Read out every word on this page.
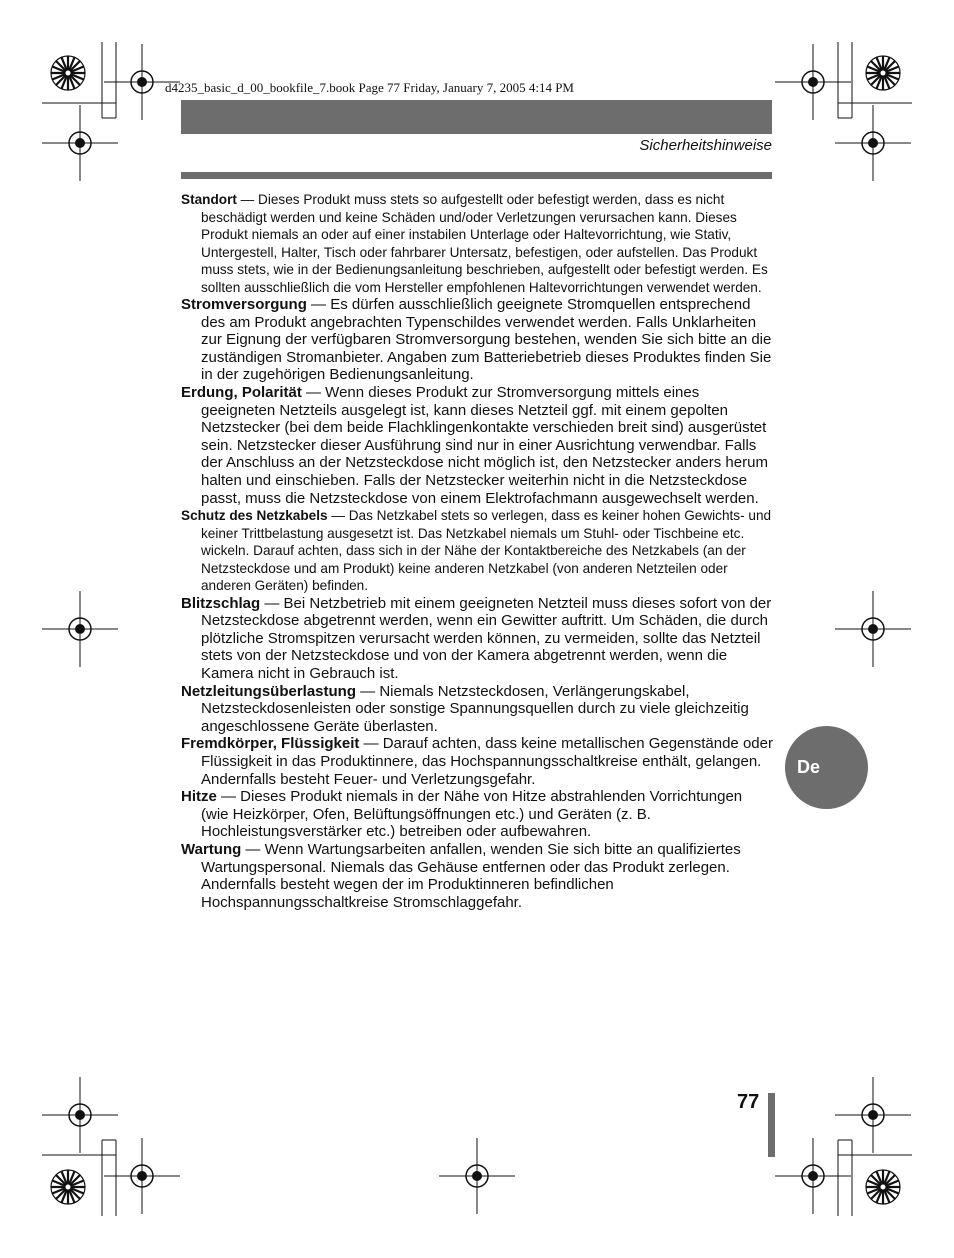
d4235_basic_d_00_bookfile_7.book Page 77 Friday, January 7, 2005 4:14 PM
Sicherheitshinweise

Standort — Dieses Produkt muss stets so aufgestellt oder befestigt werden, dass es nicht beschädigt werden und keine Schäden und/oder Verletzungen verursachen kann. Dieses Produkt niemals an oder auf einer instabilen Unterlage oder Haltevorrichtung, wie Stativ, Untergestell, Halter, Tisch oder fahrbarer Untersatz, befestigen, oder aufstellen. Das Produkt muss stets, wie in der Bedienungsanleitung beschrieben, aufgestellt oder befestigt werden. Es sollten ausschließlich die vom Hersteller empfohlenen Haltevorrichtungen verwendet werden.

Stromversorgung — Es dürfen ausschließlich geeignete Stromquellen entsprechend des am Produkt angebrachten Typenschildes verwendet werden. Falls Unklarheiten zur Eignung der verfügbaren Stromversorgung bestehen, wenden Sie sich bitte an die zuständigen Stromanbieter. Angaben zum Batteriebetrieb dieses Produktes finden Sie in der zugehörigen Bedienungsanleitung.

Erdung, Polarität — Wenn dieses Produkt zur Stromversorgung mittels eines geeigneten Netzteils ausgelegt ist, kann dieses Netzteil ggf. mit einem gepolten Netzstecker (bei dem beide Flachklingenkontakte verschieden breit sind) ausgerüstet sein. Netzstecker dieser Ausführung sind nur in einer Ausrichtung verwendbar. Falls der Anschluss an der Netzsteckdose nicht möglich ist, den Netzstecker anders herum halten und einschieben. Falls der Netzstecker weiterhin nicht in die Netzsteckdose passt, muss die Netzsteckdose von einem Elektrofachmann ausgewechselt werden.

Schutz des Netzkabels — Das Netzkabel stets so verlegen, dass es keiner hohen Gewichts- und keiner Trittbelastung ausgesetzt ist. Das Netzkabel niemals um Stuhl- oder Tischbeine etc. wickeln. Darauf achten, dass sich in der Nähe der Kontaktbereiche des Netzkabels (an der Netzsteckdose und am Produkt) keine anderen Netzkabel (von anderen Netzteilen oder anderen Geräten) befinden.

Blitzschlag — Bei Netzbetrieb mit einem geeigneten Netzteil muss dieses sofort von der Netzsteckdose abgetrennt werden, wenn ein Gewitter auftritt. Um Schäden, die durch plötzliche Stromspitzen verursacht werden können, zu vermeiden, sollte das Netzteil stets von der Netzsteckdose und von der Kamera abgetrennt werden, wenn die Kamera nicht in Gebrauch ist.

Netzleitungsüberlastung — Niemals Netzsteckdosen, Verlängerungskabel, Netzsteckdosenleisten oder sonstige Spannungsquellen durch zu viele gleichzeitig angeschlossene Geräte überlasten.

Fremdkörper, Flüssigkeit — Darauf achten, dass keine metallischen Gegenstände oder Flüssigkeit in das Produktinnere, das Hochspannungsschaltkreise enthält, gelangen. Andernfalls besteht Feuer- und Verletzungsgefahr.

Hitze — Dieses Produkt niemals in der Nähe von Hitze abstrahlenden Vorrichtungen (wie Heizkörper, Ofen, Belüftungsöffnungen etc.) und Geräten (z. B. Hochleistungsverstärker etc.) betreiben oder aufbewahren.

Wartung — Wenn Wartungsarbeiten anfallen, wenden Sie sich bitte an qualifiziertes Wartungspersonal. Niemals das Gehäuse entfernen oder das Produkt zerlegen. Andernfalls besteht wegen der im Produktinneren befindlichen Hochspannungsschaltkreise Stromschlaggefahr.

De
77
